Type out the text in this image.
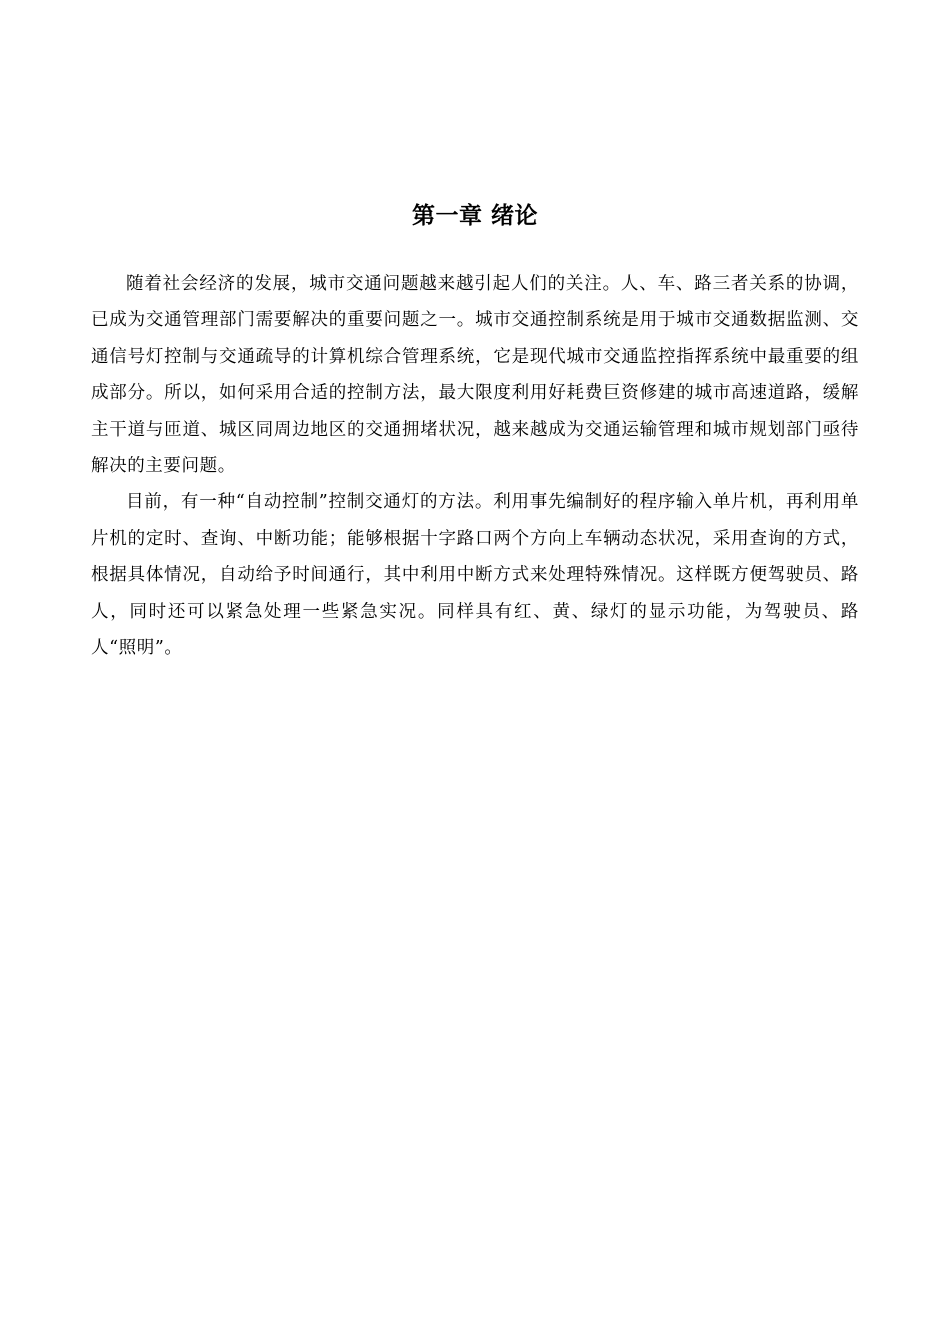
第一章 绪论

随着社会经济的发展，城市交通问题越来越引起人们的关注。人、车、路三者关系的协调，已成为交通管理部门需要解决的重要问题之一。城市交通控制系统是用于城市交通数据监测、交通信号灯控制与交通疏导的计算机综合管理系统，它是现代城市交通监控指挥系统中最重要的组成部分。所以，如何采用合适的控制方法，最大限度利用好耗费巨资修建的城市高速道路，缓解主干道与匝道、城区同周边地区的交通拥堵状况，越来越成为交通运输管理和城市规划部门亟待解决的主要问题。

目前，有一种“自动控制”控制交通灯的方法。利用事先编制好的程序输入单片机，再利用单片机的定时、查询、中断功能；能够根据十字路口两个方向上车辆动态状况，采用查询的方式，根据具体情况，自动给予时间通行，其中利用中断方式来处理特殊情况。这样既方便驾驶员、路人，同时还可以紧急处理一些紧急实况。同样具有红、黄、绿灯的显示功能，为驾驶员、路人“照明”。
